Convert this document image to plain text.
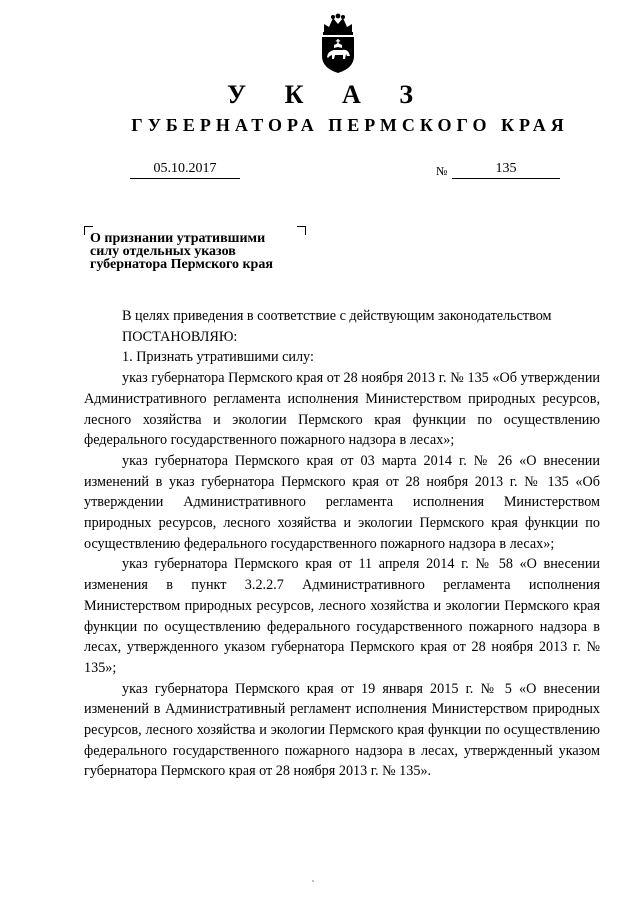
У К А З
ГУБЕРНАТОРА ПЕРМСКОГО КРАЯ
05.10.2017	№	135
О признании утратившими
силу отдельных указов
губернатора Пермского края

В целях приведения в соответствие с действующим законодательством

ПОСТАНОВЛЯЮ:

1. Признать утратившими силу:

указ губернатора Пермского края от 28 ноября 2013 г. № 135 «Об утверждении Административного регламента исполнения Министерством природных ресурсов, лесного хозяйства и экологии Пермского края функции по осуществлению федерального государственного пожарного надзора в лесах»;

указ губернатора Пермского края от 03 марта 2014 г. № 26 «О внесении изменений в указ губернатора Пермского края от 28 ноября 2013 г. № 135 «Об утверждении Административного регламента исполнения Министерством природных ресурсов, лесного хозяйства и экологии Пермского края функции по осуществлению федерального государственного пожарного надзора в лесах»;

указ губернатора Пермского края от 11 апреля 2014 г. № 58 «О внесении изменения в пункт 3.2.2.7 Административного регламента исполнения Министерством природных ресурсов, лесного хозяйства и экологии Пермского края функции по осуществлению федерального государственного пожарного надзора в лесах, утвержденного указом губернатора Пермского края от 28 ноября 2013 г. № 135»;

указ губернатора Пермского края от 19 января 2015 г. № 5 «О внесении изменений в Административный регламент исполнения Министерством природных ресурсов, лесного хозяйства и экологии Пермского края функции по осуществлению федерального государственного пожарного надзора в лесах, утвержденный указом губернатора Пермского края от 28 ноября 2013 г. № 135».
